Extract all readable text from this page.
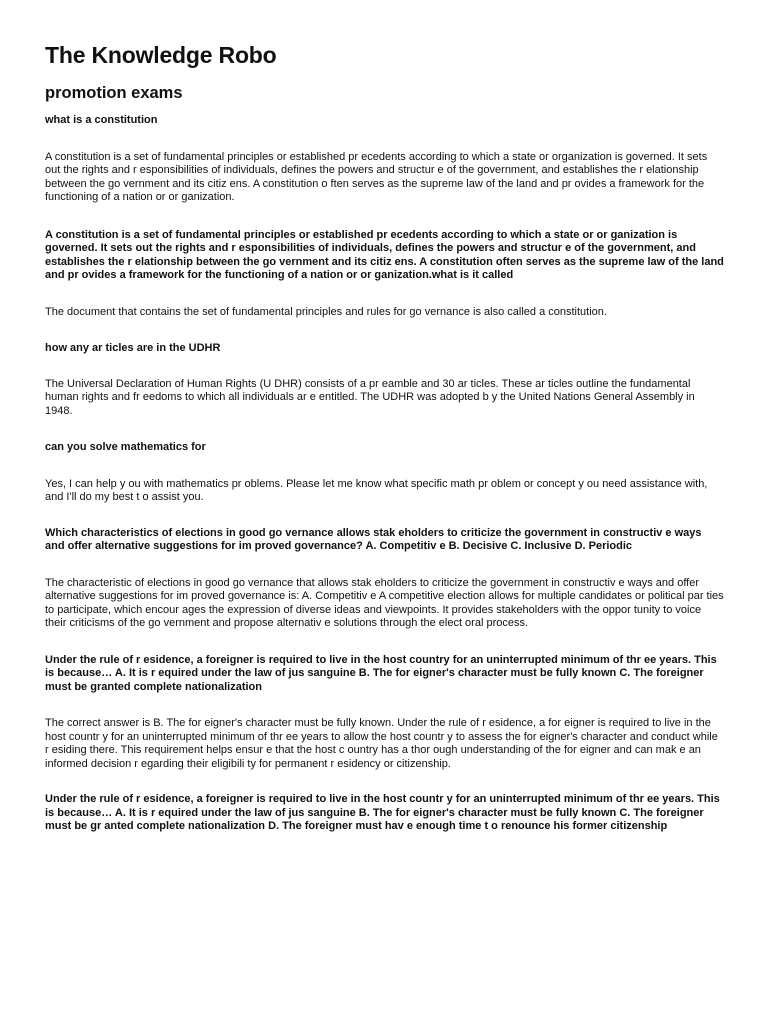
The Knowledge Robo
promotion exams

what is a constitution

A constitution is a set of fundamental principles or established pr ecedents according to which a state or organization is governed. It sets out the rights and r esponsibilities of individuals, defines the powers and structur e of the government, and establishes the r elationship between the go vernment and its citiz ens. A constitution o ften serves as the supreme law of the land and pr ovides a framework for the functioning of a nation or or ganization.

A constitution is a set of fundamental principles or established pr ecedents according to which a state or or ganization is governed. It sets out the rights and r esponsibilities of individuals, defines the powers and structur e of the government, and establishes the r elationship between the go vernment and its citiz ens. A constitution often serves as the supreme law of the land and pr ovides a framework for the functioning of a nation or or ganization.what is it called

The document that contains the set of fundamental principles and rules for go vernance is also called a constitution.

how any ar ticles are in the UDHR

The Universal Declaration of Human Rights (U DHR) consists of a pr eamble and 30 ar ticles. These ar ticles outline the fundamental human rights and fr eedoms to which all individuals ar e entitled. The UDHR was adopted b y the United Nations General Assembly in 1948.

can you solve mathematics for

Yes, I can help y ou with mathematics pr oblems. Please let me know what specific math pr oblem or concept y ou need assistance with, and I'll do my best t o assist you.

Which characteristics of elections in good go vernance allows stak eholders to criticize the government in constructiv e ways and offer alternative suggestions for im proved governance? A. Competitiv e B. Decisive C. Inclusive D. Periodic

The characteristic of elections in good go vernance that allows stak eholders to criticize the government in constructiv e ways and offer alternative suggestions for im proved governance is: A. Competitiv e A competitive election allows for multiple candidates or political par ties to participate, which encour ages the expression of diverse ideas and viewpoints. It provides stakeholders with the oppor tunity to voice their criticisms of the go vernment and propose alternativ e solutions through the elect oral process.

Under the rule of r esidence, a foreigner is required to live in the host country for an uninterrupted minimum of thr ee years. This is because… A. It is r equired under the law of jus sanguine B. The for eigner's character must be fully known C. The foreigner must be granted complete nationalization

The correct answer is B. The for eigner's character must be fully known. Under the rule of r esidence, a for eigner is required to live in the host countr y for an uninterrupted minimum of thr ee years to allow the host countr y to assess the for eigner's character and conduct while r esiding there. This requirement helps ensur e that the host c ountry has a thor ough understanding of the for eigner and can mak e an informed decision r egarding their eligibili ty for permanent r esidency or citizenship.

Under the rule of r esidence, a foreigner is required to live in the host countr y for an uninterrupted minimum of thr ee years. This is because… A. It is r equired under the law of jus sanguine B. The for eigner's character must be fully known C. The foreigner must be gr anted complete nationalization D. The foreigner must hav e enough time t o renounce his former citizenship
